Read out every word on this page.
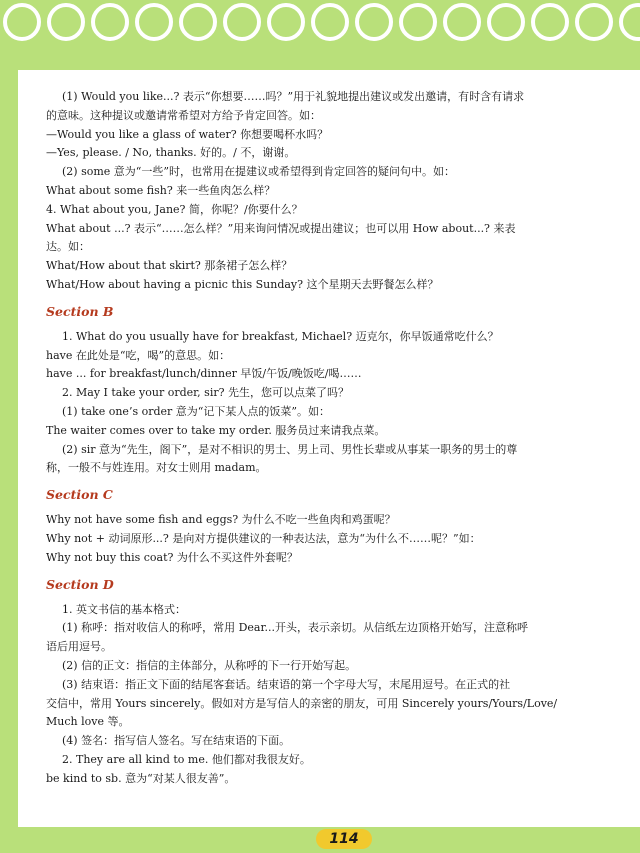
(1) Would you like...? 表示“你想要……吗？”用于礼貌地提出建议或发出邀请，有时含有请求
的意味。这种提议或邀请常希望对方给予肯定回答。如：
—Would you like a glass of water? 你想要喝杯水吗？
—Yes, please. / No, thanks. 好的。/ 不，谢谢。
(2) some 意为“一些”时，也常用在提建议或希望得到肯定回答的疑问句中。如：
What about some fish? 来一些鱼肉怎么样？
4. What about you, Jane? 简，你呢？/你要什么？
What about ...? 表示“……怎么样？”用来询问情况或提出建议；也可以用 How about...? 来表
达。如：
What/How about that skirt? 那条裙子怎么样？
What/How about having a picnic this Sunday? 这个星期天去野餐怎么样？
Section B
1. What do you usually have for breakfast, Michael? 迈克尔，你早饭通常吃什么？
have 在此处是“吃，喝”的意思。如：
have ... for breakfast/lunch/dinner 早饭/午饭/晚饭吃/喝……
2. May I take your order, sir? 先生，您可以点菜了吗？
(1) take one’s order 意为“记下某人点的饭菜”。如：
The waiter comes over to take my order. 服务员过来请我点菜。
(2) sir 意为“先生，阁下”，是对不相识的男士、男上司、男性长辈或从事某一职务的男士的尊
称，一般不与姓连用。对女士则用 madam。
Section C
Why not have some fish and eggs? 为什么不吃一些鱼肉和鸡蛋呢？
Why not + 动词原形...? 是向对方提供建议的一种表达法，意为“为什么不……呢？”如：
Why not buy this coat? 为什么不买这件外套呢？
Section D
1. 英文书信的基本格式：
(1) 称呼：指对收信人的称呼，常用 Dear...开头，表示亲切。从信纸左边顶格开始写，注意称呼
语后用逗号。
(2) 信的正文：指信的主体部分，从称呼的下一行开始写起。
(3) 结束语：指正文下面的结尾客套话。结束语的第一个字母大写，末尾用逗号。在正式的社
交信中，常用 Yours sincerely。假如对方是写信人的亲密的朋友，可用 Sincerely yours/Yours/Love/
Much love 等。
(4) 签名：指写信人签名。写在结束语的下面。
2. They are all kind to me. 他们都对我很友好。
be kind to sb. 意为“对某人很友善”。
114
